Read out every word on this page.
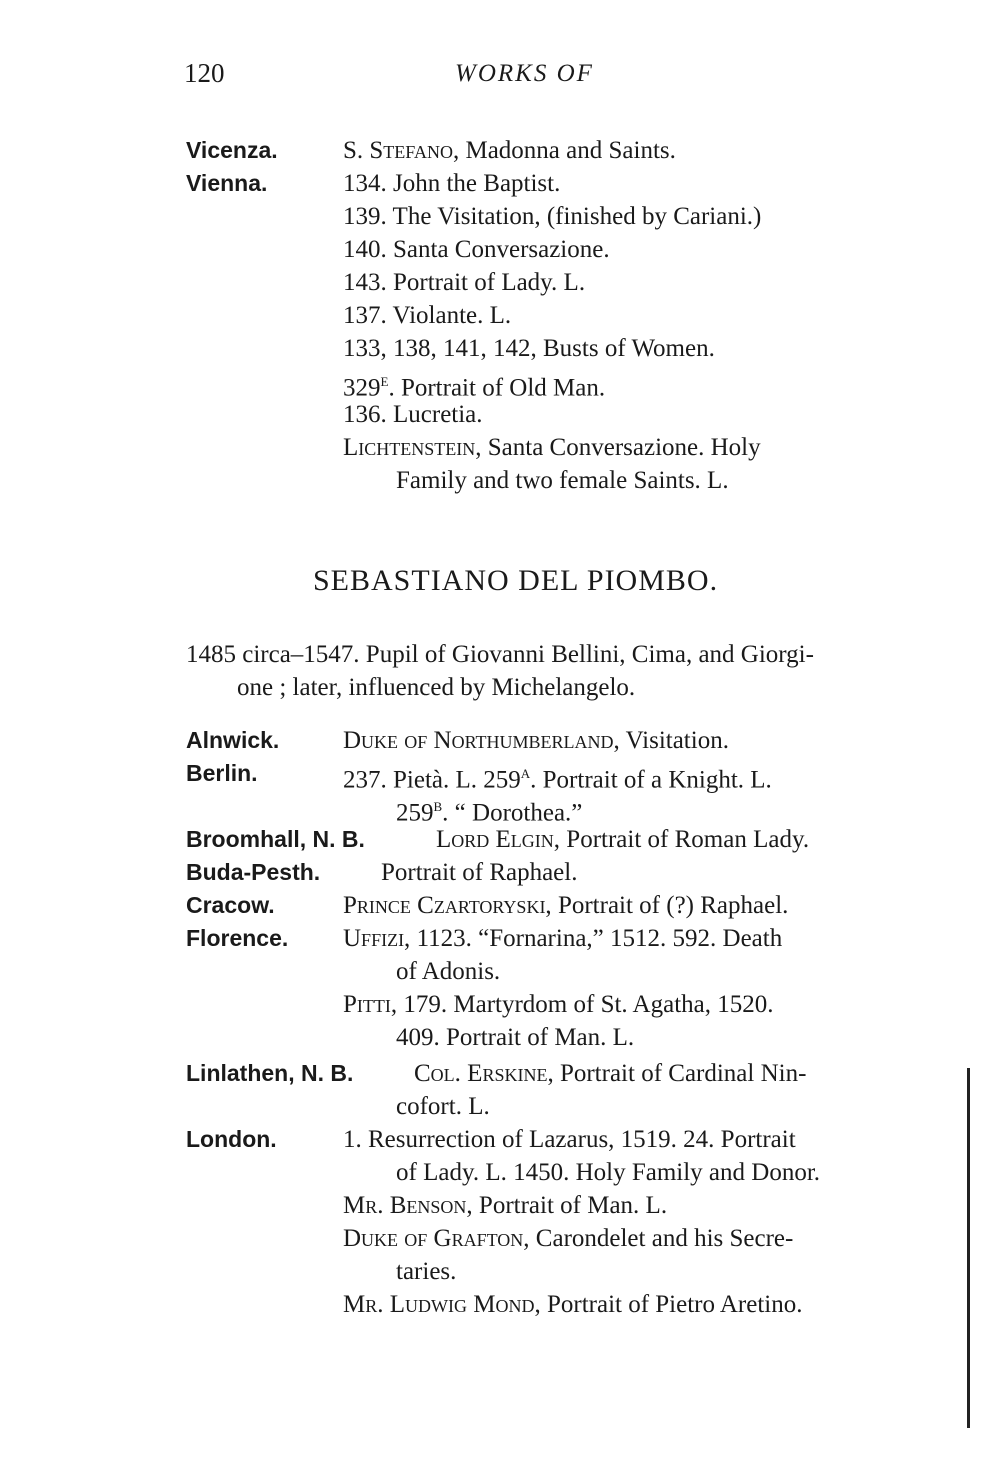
120	WORKS OF
Vicenza.	S. Stefano, Madonna and Saints.
Vienna.	134. John the Baptist.
139. The Visitation, (finished by Cariani.)
140. Santa Conversazione.
143. Portrait of Lady. L.
137. Violante. L.
133, 138, 141, 142, Busts of Women.
$329^E$. Portrait of Old Man.
136. Lucretia.
Lichtenstein, Santa Conversazione. Holy
Family and two female Saints. L.
SEBASTIANO DEL PIOMBO.
1485 circa–1547. Pupil of Giovanni Bellini, Cima, and Giorgi-
one ; later, influenced by Michelangelo.
Alnwick.	Duke of Northumberland, Visitation.
Berlin.	237. Pietà. L. $259^A$. Portrait of a Knight. L.
$259^B$. “ Dorothea.”
Broomhall, N. B.	Lord Elgin, Portrait of Roman Lady.
Buda-Pesth. Portrait of Raphael.
Cracow.	Prince Czartoryski, Portrait of (?) Raphael.
Florence. Uffizi, 1123. “Fornarina,” 1512. 592. Death
of Adonis.
Pitti, 179. Martyrdom of St. Agatha, 1520.
409. Portrait of Man. L.
Linlathen, N. B. Col. Erskine, Portrait of Cardinal Nin-
cofort. L.
London.	1. Resurrection of Lazarus, 1519. 24. Portrait
of Lady. L. 1450. Holy Family and Donor.
Mr. Benson, Portrait of Man. L.
Duke of Grafton, Carondelet and his Secre-
taries.
Mr. Ludwig Mond, Portrait of Pietro Aretino.
